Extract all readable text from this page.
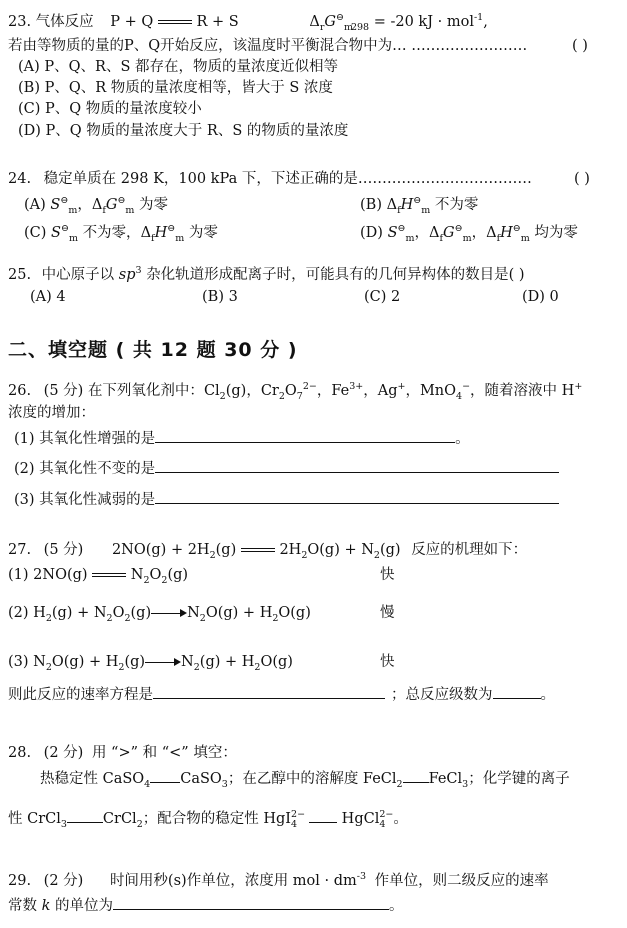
23. 气体反应 P + Q	R + S	$\Delta_rG^⊖_{m298} = -20$ kJ · mol$^{-1}$,
若由等物质的量的P、Q开始反应，该温度时平衡混合物中为… ……………………	( )
(A) P、Q、R、S 都存在，物质的量浓度近似相等
(B) P、Q、R 物质的量浓度相等，皆大于 S 浓度
(C) P、Q 物质的量浓度较小
(D) P、Q 物质的量浓度大于 R、S 的物质的量浓度
24. 稳定单质在 298 K，100 kPa 下，下述正确的是………………………………	( )
(A) $S^⊖_m$，$\Delta_fG^⊖_m$ 为零	(B) $\Delta_fH^⊖_m$ 不为零
(C) $S^⊖_m$ 不为零，$\Delta_fH^⊖_m$ 为零	(D) $S^⊖_m$，$\Delta_fG^⊖_m$，$\Delta_fH^⊖_m$ 均为零
25. 中心原子以 $sp^3$ 杂化轨道形成配离子时，可能具有的几何异构体的数目是( )
(A) 4	(B) 3	(C) 2	(D) 0
二、填空题 ( 共 12 题 30 分 )
26. (5 分) 在下列氧化剂中：$Cl_2(g)$，$Cr_2O_7^{2-}$，$Fe^{3+}$，Ag+，MnO$_4$−，随着溶液中 H+
浓度的增加：
(1) 其氧化性增强的是	。
(2) 其氧化性不变的是
(3) 其氧化性减弱的是
27. (5 分) $2NO(g) + 2H_2(g)$	$2H_2O(g) + N_2(g)$ 反应的机理如下：
(1) 2NO(g)  $N_2O_2(g)$	快
(2) $H_2(g) + N_2O_2(g) N_2O(g) + H_2O(g)$	慢
(3) $N_2O(g) + H_2(g) N_2(g) + H_2O(g)$	快
则此反应的速率方程是	；总反应级数为	。
28. (2 分) 用 “>” 和 “<” 填空：
热稳定性 CaSO$_4$ CaSO$_3$；在乙醇中的溶解度 FeCl$_2$ FeCl$_3$；化学键的离子
性 CrCl$_3$ CrCl$_2$；配合物的稳定性 HgI$_4^{2-}$	HgCl$_4^{2-}$。
29. (2 分) 时间用秒(s)作单位，浓度用 mol · $dm^{-3}$ 作单位，则二级反应的速率
常数 k 的单位为	。
